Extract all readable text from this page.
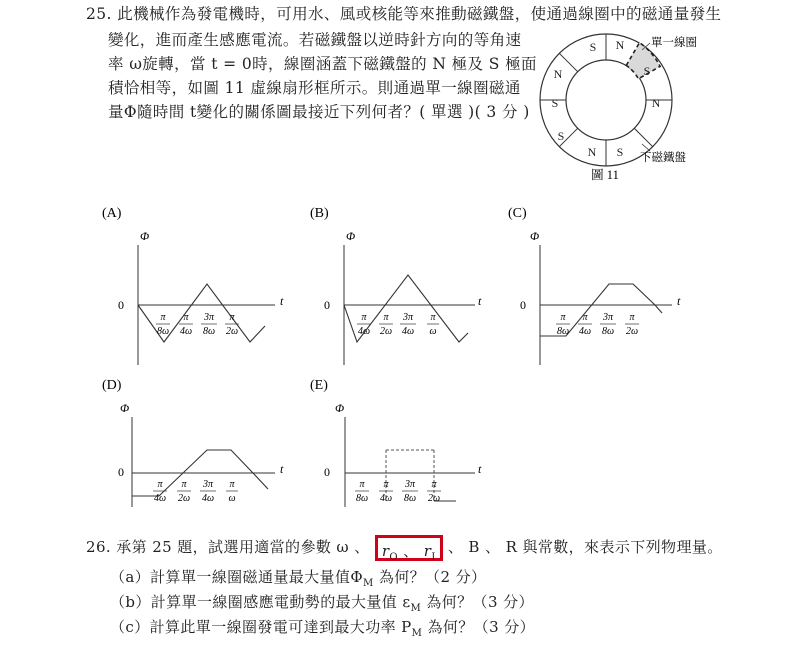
25. 此機械作為發電機時，可用水、風或核能等來推動磁鐵盤，使通過線圈中的磁通量發生
變化，進而產生感應電流。若磁鐵盤以逆時針方向的等角速
率 ω旋轉，當 t = 0時，線圈涵蓋下磁鐵盤的 N 極及 S 極面
積恰相等，如圖 11 虛線扇形框所示。則通過單一線圈磁通
量Φ隨時間 t變化的關係圖最接近下列何者？( 單選 )( 3 分 )
S N
S
N
S	N
S
N S
單一線圈
下磁鐵盤
圖 11
(A)
Φ
0	t
π
8ω
π
4ω
3π
8ω
π
2ω
(B)
Φ
0	t
π
4ω
π
2ω
3π
4ω
π
ω
(C)
Φ
0	t
π
8ω
π
4ω
3π
8ω
π
2ω
(D)
Φ
0	t
π
4ω
π
2ω
3π
4ω
π
ω
(E)
Φ
0	t
π
8ω
π
4ω
3π
8ω
π
2ω
26. 承第 25 題，試選用適當的參數 ω 、 $r_O$ 、 $r_I$ 、 B 、 R 與常數，來表示下列物理量。
（a）計算單一線圈磁通量最大量值$\Phi_M$ 為何？（2 分）
（b）計算單一線圈感應電動勢的最大量值 $\varepsilon_M$ 為何？（3 分）
（c）計算此單一線圈發電可達到最大功率 $P_M$ 為何？（3 分）
